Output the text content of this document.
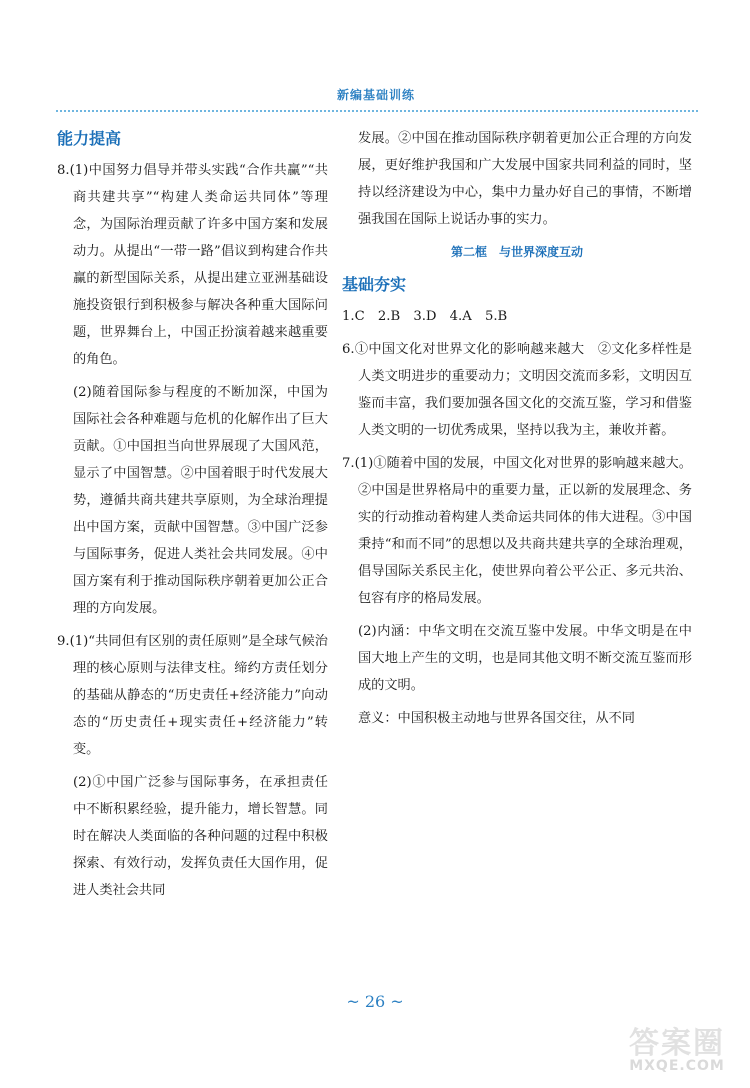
新编基础训练
能力提高

8.(1)中国努力倡导并带头实践“合作共赢”“共商共建共享”“构建人类命运共同体”等理念，为国际治理贡献了许多中国方案和发展动力。从提出“一带一路”倡议到构建合作共赢的新型国际关系，从提出建立亚洲基础设施投资银行到积极参与解决各种重大国际问题，世界舞台上，中国正扮演着越来越重要的角色。

(2)随着国际参与程度的不断加深，中国为国际社会各种难题与危机的化解作出了巨大贡献。①中国担当向世界展现了大国风范，显示了中国智慧。②中国着眼于时代发展大势，遵循共商共建共享原则，为全球治理提出中国方案，贡献中国智慧。③中国广泛参与国际事务，促进人类社会共同发展。④中国方案有利于推动国际秩序朝着更加公正合理的方向发展。

9.(1)“共同但有区别的责任原则”是全球气候治理的核心原则与法律支柱。缔约方责任划分的基础从静态的“历史责任+经济能力”向动态的“历史责任+现实责任+经济能力”转变。

(2)①中国广泛参与国际事务，在承担责任中不断积累经验，提升能力，增长智慧。同时在解决人类面临的各种问题的过程中积极探索、有效行动，发挥负责任大国作用，促进人类社会共同

发展。②中国在推动国际秩序朝着更加公正合理的方向发展，更好维护我国和广大发展中国家共同利益的同时，坚持以经济建设为中心，集中力量办好自己的事情，不断增强我国在国际上说话办事的实力。

第二框　与世界深度互动
基础夯实

1.C　2.B　3.D　4.A　5.B

6.①中国文化对世界文化的影响越来越大　②文化多样性是人类文明进步的重要动力；文明因交流而多彩，文明因互鉴而丰富，我们要加强各国文化的交流互鉴，学习和借鉴人类文明的一切优秀成果，坚持以我为主，兼收并蓄。

7.(1)①随着中国的发展，中国文化对世界的影响越来越大。②中国是世界格局中的重要力量，正以新的发展理念、务实的行动推动着构建人类命运共同体的伟大进程。③中国秉持“和而不同”的思想以及共商共建共享的全球治理观，倡导国际关系民主化，使世界向着公平公正、多元共治、包容有序的格局发展。

(2)内涵：中华文明在交流互鉴中发展。中华文明是在中国大地上产生的文明，也是同其他文明不断交流互鉴而形成的文明。

意义：中国积极主动地与世界各国交往，从不同

~ 26 ~
答案圈
MXQE.COM
